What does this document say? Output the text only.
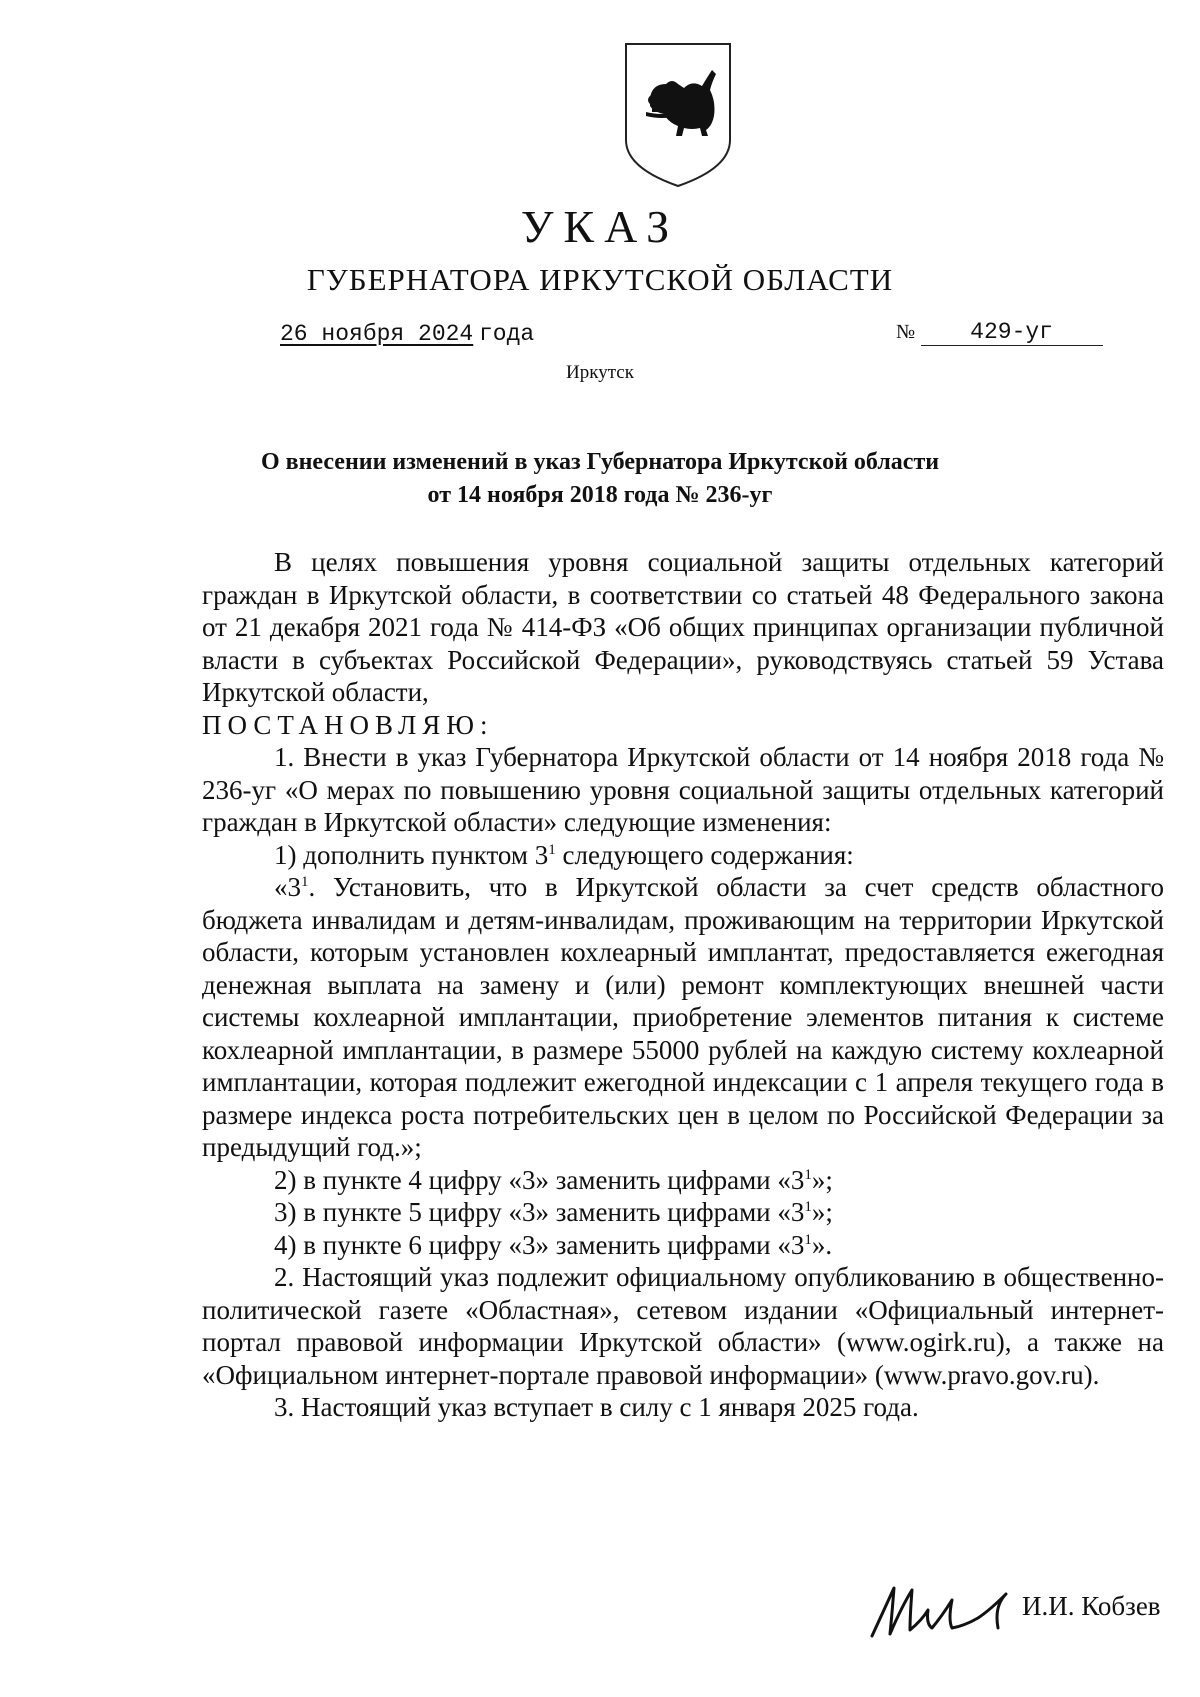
УКАЗ
ГУБЕРНАТОРА ИРКУТСКОЙ ОБЛАСТИ
26 ноября 2024 года	№ 429-уг
Иркутск
О внесении изменений в указ Губернатора Иркутской области
от 14 ноября 2018 года № 236-уг

В целях повышения уровня социальной защиты отдельных категорий граждан в Иркутской области, в соответствии со статьей 48 Федерального закона от 21 декабря 2021 года № 414-ФЗ «Об общих принципах организации публичной власти в субъектах Российской Федерации», руководствуясь статьей 59 Устава Иркутской области,

ПОСТАНОВЛЯЮ:

1. Внести в указ Губернатора Иркутской области от 14 ноября 2018 года № 236-уг «О мерах по повышению уровня социальной защиты отдельных категорий граждан в Иркутской области» следующие изменения:

1) дополнить пунктом $3^1$ следующего содержания:

«$3^1$. Установить, что в Иркутской области за счет средств областного бюджета инвалидам и детям-инвалидам, проживающим на территории Иркутской области, которым установлен кохлеарный имплантат, предоставляется ежегодная денежная выплата на замену и (или) ремонт комплектующих внешней части системы кохлеарной имплантации, приобретение элементов питания к системе кохлеарной имплантации, в размере 55000 рублей на каждую систему кохлеарной имплантации, которая подлежит ежегодной индексации с 1 апреля текущего года в размере индекса роста потребительских цен в целом по Российской Федерации за предыдущий год.»;

2) в пункте 4 цифру «3» заменить цифрами «$3^1$»;

3) в пункте 5 цифру «3» заменить цифрами «$3^1$»;

4) в пункте 6 цифру «3» заменить цифрами «$3^1$».

2. Настоящий указ подлежит официальному опубликованию в общественно-политической газете «Областная», сетевом издании «Официальный интернет-портал правовой информации Иркутской области» (www.ogirk.ru), а также на «Официальном интернет-портале правовой информации» (www.pravo.gov.ru).

3. Настоящий указ вступает в силу с 1 января 2025 года.

И.И. Кобзев
